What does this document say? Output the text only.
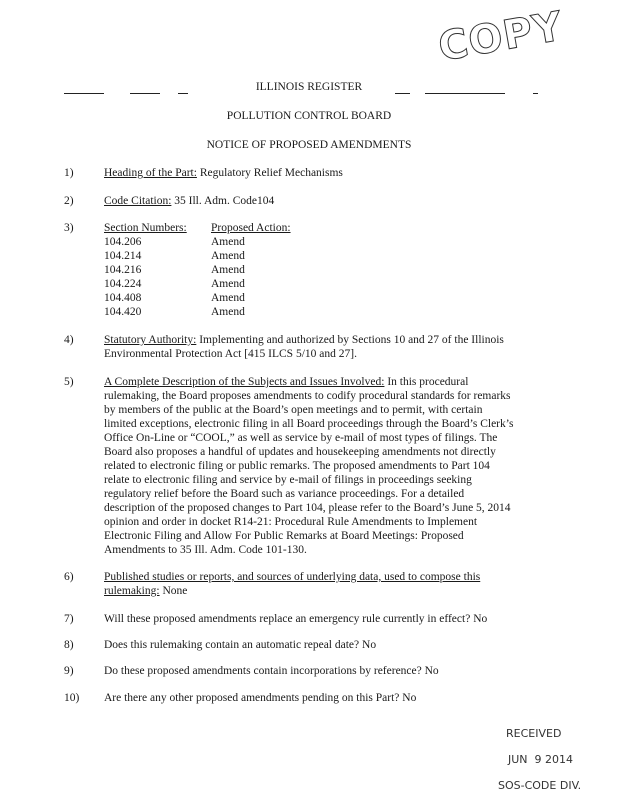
COPY
ILLINOIS REGISTER
POLLUTION CONTROL BOARD
NOTICE OF PROPOSED AMENDMENTS
1)	Heading of the Part: Regulatory Relief Mechanisms
2)	Code Citation: 35 Ill. Adm. Code104
3)	Section Numbers: Proposed Action:
104.206	Amend
104.214	Amend
104.216	Amend
104.224	Amend
104.408	Amend
104.420	Amend
4)	Statutory Authority: Implementing and authorized by Sections 10 and 27 of the Illinois
Environmental Protection Act [415 ILCS 5/10 and 27].
5)	A Complete Description of the Subjects and Issues Involved: In this procedural
rulemaking, the Board proposes amendments to codify procedural standards for remarks
by members of the public at the Board’s open meetings and to permit, with certain
limited exceptions, electronic filing in all Board proceedings through the Board’s Clerk’s
Office On-Line or “COOL,” as well as service by e-mail of most types of filings. The
Board also proposes a handful of updates and housekeeping amendments not directly
related to electronic filing or public remarks. The proposed amendments to Part 104
relate to electronic filing and service by e-mail of filings in proceedings seeking
regulatory relief before the Board such as variance proceedings. For a detailed
description of the proposed changes to Part 104, please refer to the Board’s June 5, 2014
opinion and order in docket R14-21: Procedural Rule Amendments to Implement
Electronic Filing and Allow For Public Remarks at Board Meetings: Proposed
Amendments to 35 Ill. Adm. Code 101-130.
6)	Published studies or reports, and sources of underlying data, used to compose this
rulemaking: None
7)	Will these proposed amendments replace an emergency rule currently in effect? No
8)	Does this rulemaking contain an automatic repeal date? No
9)	Do these proposed amendments contain incorporations by reference? No
10)	Are there any other proposed amendments pending on this Part? No
RECEIVED
JUN  9 2014
SOS-CODE DIV.
